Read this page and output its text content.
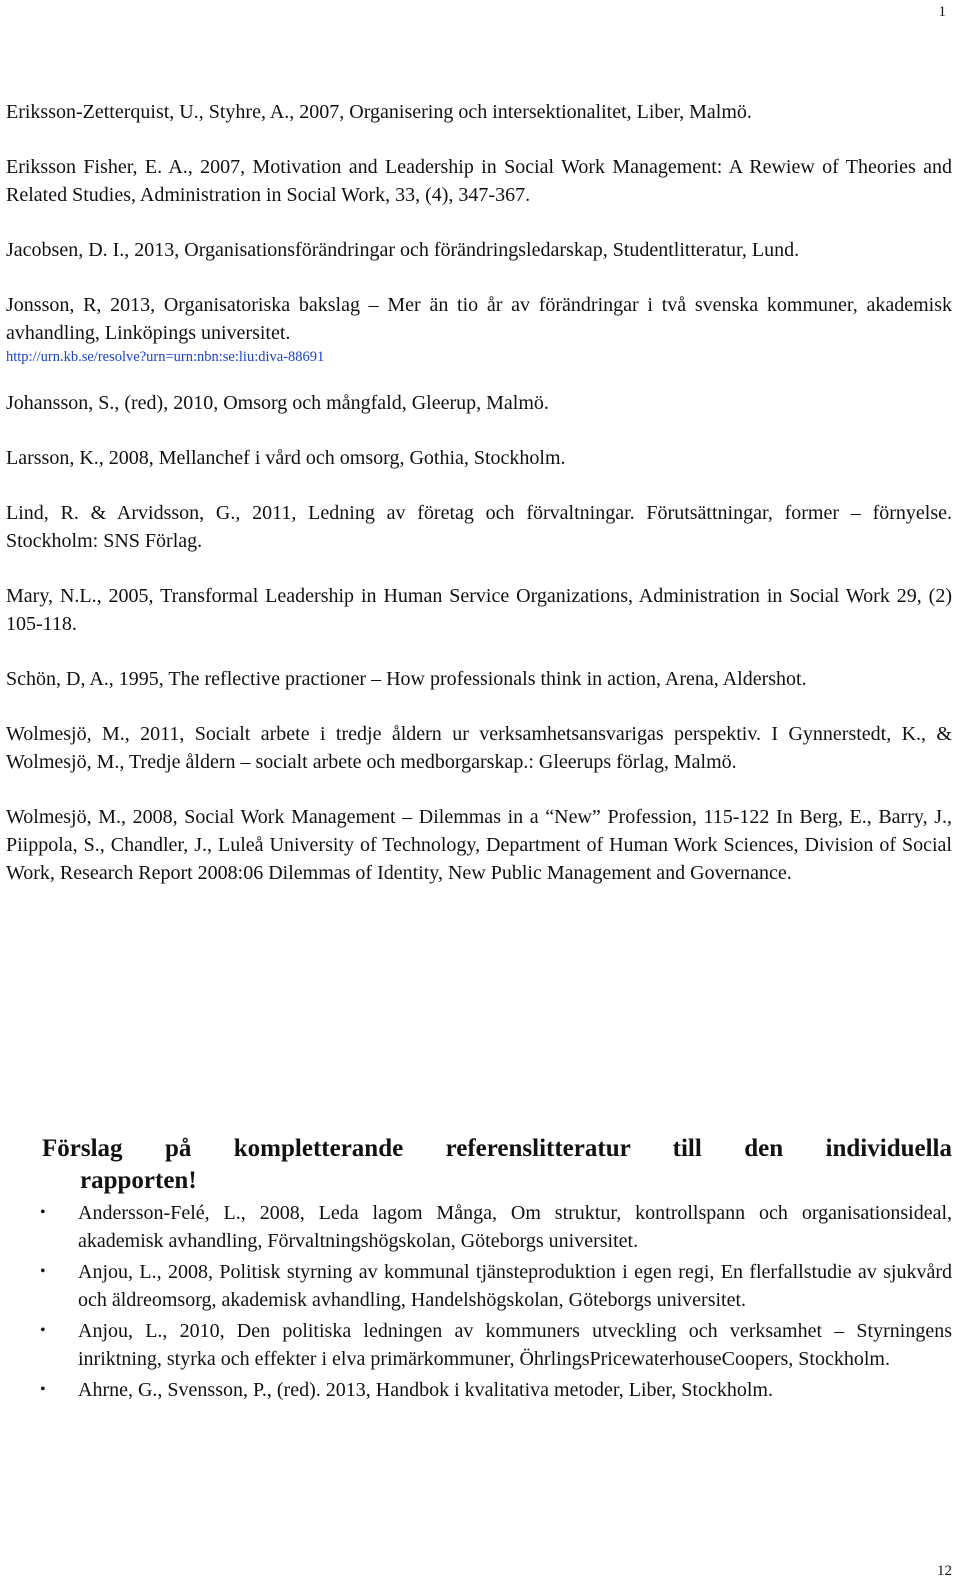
1

Eriksson-Zetterquist, U., Styhre, A., 2007, Organisering och intersektionalitet, Liber, Malmö.

Eriksson Fisher, E. A., 2007, Motivation and Leadership in Social Work Management: A Rewiew of Theories and Related Studies, Administration in Social Work, 33, (4), 347-367.

Jacobsen, D. I., 2013, Organisationsförändringar och förändringsledarskap, Studentlitteratur, Lund.

Jonsson, R, 2013, Organisatoriska bakslag – Mer än tio år av förändringar i två svenska kommuner, akademisk avhandling, Linköpings universitet.
http://urn.kb.se/resolve?urn=urn:nbn:se:liu:diva-88691

Johansson, S., (red), 2010, Omsorg och mångfald, Gleerup, Malmö.

Larsson, K., 2008, Mellanchef i vård och omsorg, Gothia, Stockholm.

Lind, R. & Arvidsson, G., 2011, Ledning av företag och förvaltningar. Förutsättningar, former – förnyelse. Stockholm: SNS Förlag.

Mary, N.L., 2005, Transformal Leadership in Human Service Organizations, Administration in Social Work 29, (2) 105-118.

Schön, D, A., 1995, The reflective practioner – How professionals think in action, Arena, Aldershot.

Wolmesjö, M., 2011, Socialt arbete i tredje åldern ur verksamhetsansvarigas perspektiv. I Gynnerstedt, K., & Wolmesjö, M., Tredje åldern – socialt arbete och medborgarskap.: Gleerups förlag, Malmö.

Wolmesjö, M., 2008, Social Work Management – Dilemmas in a “New” Profession, 115-122 In Berg, E., Barry, J., Piippola, S., Chandler, J., Luleå University of Technology, Department of Human Work Sciences, Division of Social Work, Research Report 2008:06 Dilemmas of Identity, New Public Management and Governance.

Förslag på kompletterande referenslitteratur till den individuella
rapporten!
• Andersson-Felé, L., 2008, Leda lagom Många, Om struktur, kontrollspann och organisationsideal, akademisk avhandling, Förvaltningshögskolan, Göteborgs universitet.
• Anjou, L., 2008, Politisk styrning av kommunal tjänsteproduktion i egen regi, En flerfallstudie av sjukvård och äldreomsorg, akademisk avhandling, Handelshögskolan, Göteborgs universitet.
• Anjou, L., 2010, Den politiska ledningen av kommuners utveckling och verksamhet – Styrningens inriktning, styrka och effekter i elva primärkommuner, ÖhrlingsPricewaterhouseCoopers, Stockholm.
• Ahrne, G., Svensson, P., (red). 2013, Handbok i kvalitativa metoder, Liber, Stockholm.
12
